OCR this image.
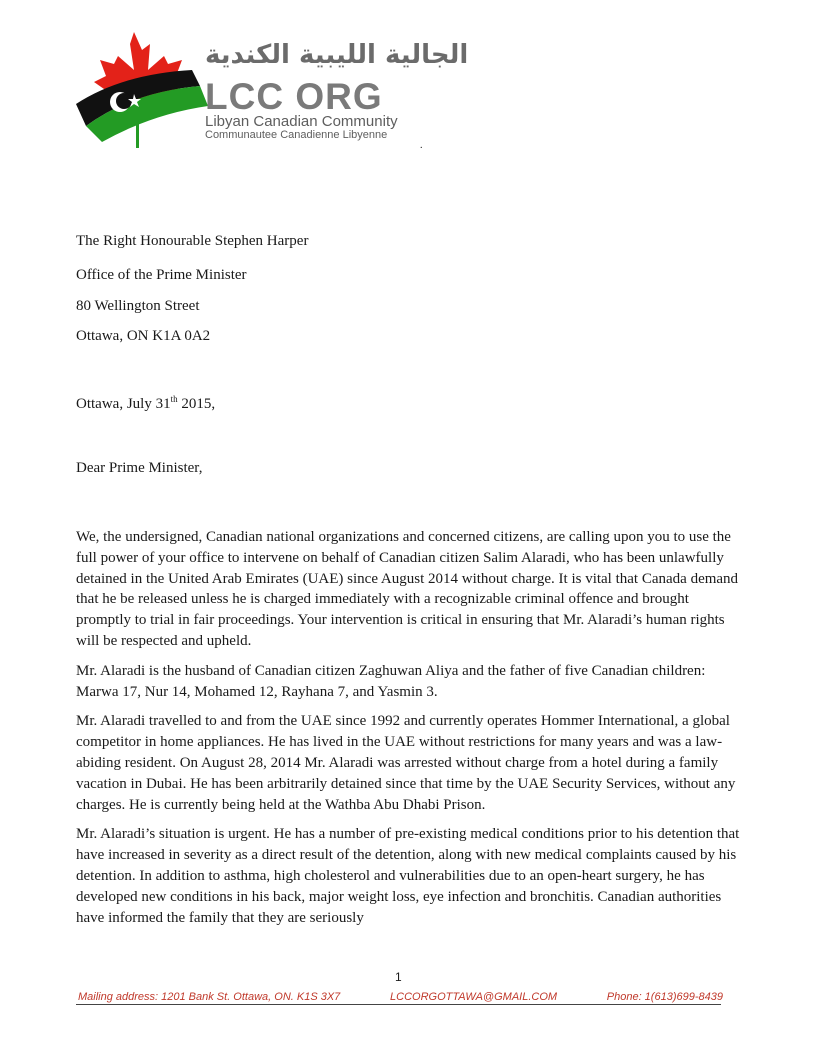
الجالية الليبية الكندية
LCC ORG
Libyan Canadian Community
Communautee Canadienne Libyenne
.
The Right Honourable Stephen Harper
Office of the Prime Minister
80 Wellington Street
Ottawa, ON K1A 0A2
Ottawa, July 31th 2015,
Dear Prime Minister,

We, the undersigned, Canadian national organizations and concerned citizens, are calling upon you to use the full power of your office to intervene on behalf of Canadian citizen Salim Alaradi, who has been unlawfully detained in the United Arab Emirates (UAE) since August 2014 without charge. It is vital that Canada demand that he be released unless he is charged immediately with a recognizable criminal offence and brought promptly to trial in fair proceedings. Your intervention is critical in ensuring that Mr. Alaradi’s human rights will be respected and upheld.

Mr. Alaradi is the husband of Canadian citizen Zaghuwan Aliya and the father of five Canadian children: Marwa 17, Nur 14, Mohamed 12, Rayhana 7, and Yasmin 3.

Mr. Alaradi travelled to and from the UAE since 1992 and currently operates Hommer International, a global competitor in home appliances. He has lived in the UAE without restrictions for many years and was a law-abiding resident. On August 28, 2014 Mr. Alaradi was arrested without charge from a hotel during a family vacation in Dubai. He has been arbitrarily detained since that time by the UAE Security Services, without any charges. He is currently being held at the Wathba Abu Dhabi Prison.

Mr. Alaradi’s situation is urgent. He has a number of pre-existing medical conditions prior to his detention that have increased in severity as a direct result of the detention, along with new medical complaints caused by his detention. In addition to asthma, high cholesterol and vulnerabilities due to an open-heart surgery, he has developed new conditions in his back, major weight loss, eye infection and bronchitis. Canadian authorities have informed the family that they are seriously

1
Mailing address: 1201 Bank St. Ottawa, ON. K1S 3X7	LCCORGOTTAWA@GMAIL.COM	Phone: 1(613)699-8439
